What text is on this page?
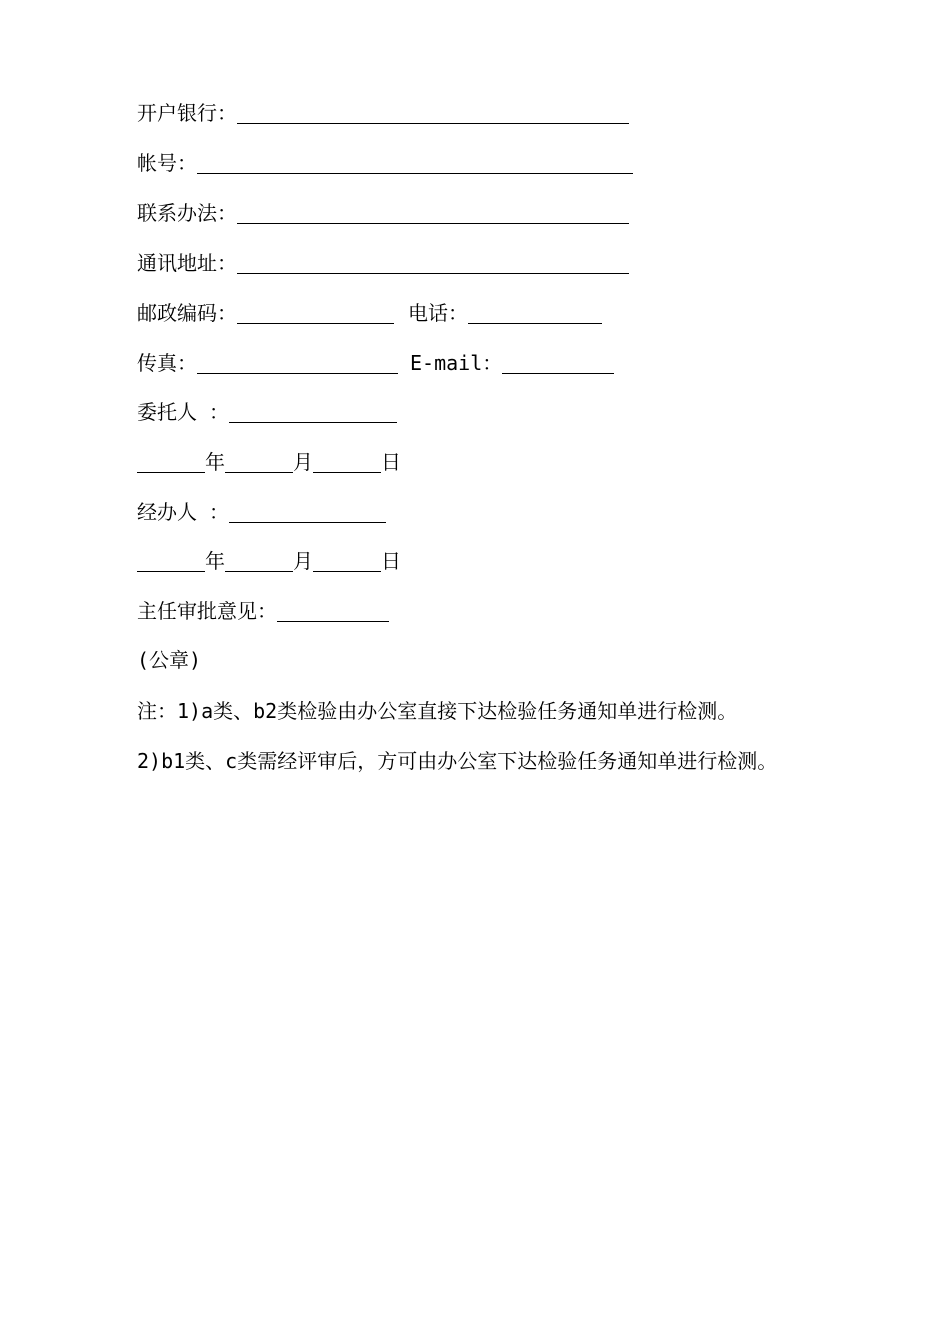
开户银行：
帐号：
联系办法：
通讯地址：
邮政编码：	电话：
传真：	E-mail：
委托人 ：
年	月	日
经办人 ：
年	月	日
主任审批意见：
(公章)
注：1)a类、b2类检验由办公室直接下达检验任务通知单进行检测。
2)b1类、c类需经评审后，方可由办公室下达检验任务通知单进行检测。
